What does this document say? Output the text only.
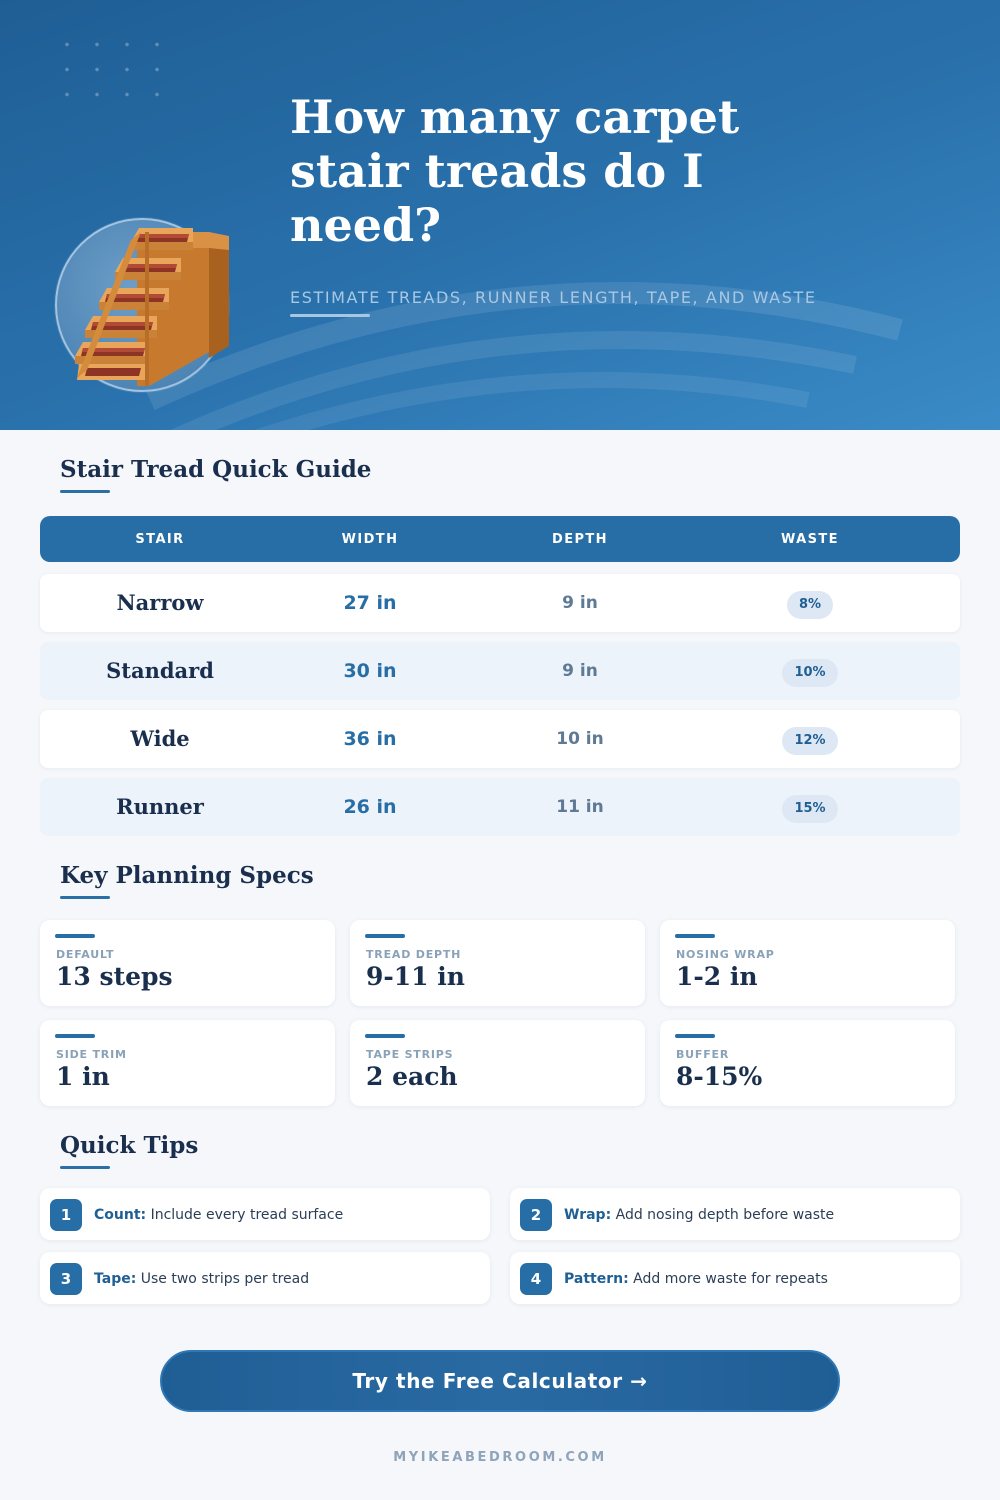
How many carpet stair treads do I need?
ESTIMATE TREADS, RUNNER LENGTH, TAPE, AND WASTE
Stair Tread Quick Guide
STAIR	WIDTH	DEPTH	WASTE
Narrow	27 in	9 in	8%
Standard	30 in	9 in	10%
Wide	36 in	10 in	12%
Runner	26 in	11 in	15%
Key Planning Specs
DEFAULT
13 steps
TREAD DEPTH
9-11 in
NOSING WRAP
1-2 in
SIDE TRIM
1 in
TAPE STRIPS
2 each
BUFFER
8-15%
Quick Tips
1	Count: Include every tread surface	2	Wrap: Add nosing depth before waste
3	Tape: Use two strips per tread	4	Pattern: Add more waste for repeats
Try the Free Calculator →
MYIKEABEDROOM.COM
